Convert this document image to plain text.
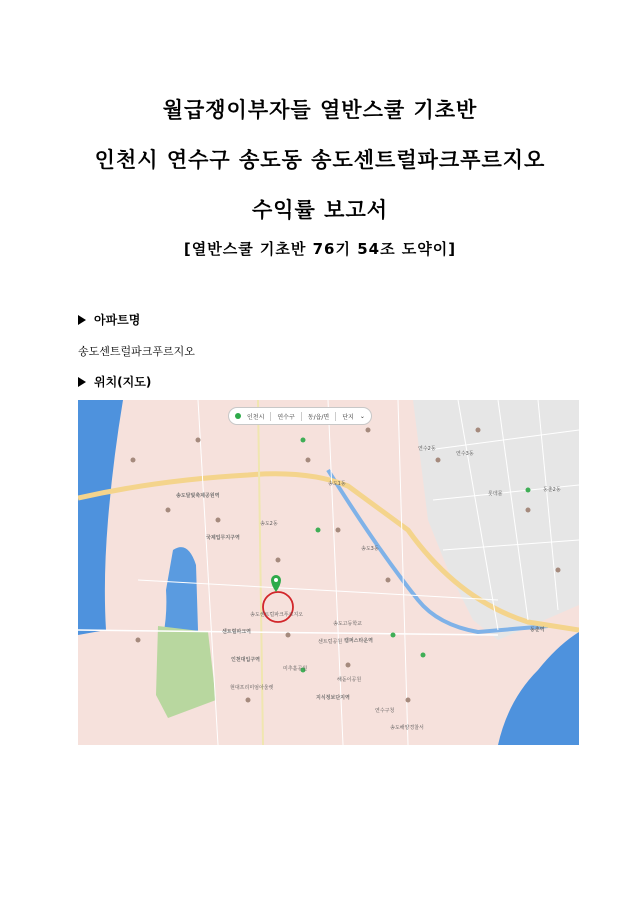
월급쟁이부자들 열반스쿨 기초반
인천시 연수구 송도동 송도센트럴파크푸르지오
수익률 보고서
[열반스쿨 기초반 76기 54조 도약이]
아파트명
송도센트럴파크푸르지오
위치(지도)
인천시 연수구 동/읍/면 단지 ⌄
송도달빛축제공원역
국제업무지구역
센트럴파크역
인천대입구역
송도1동
송도2동
송도3동
센트럴공원
해돋이공원
미추홀공원
연수구청
송도해양경찰서
캠퍼스타운역
송도고등학교
연수2동
연수3동
동춘2동
롯데몰
송도센트럴파크푸르지오
동춘역
지식정보단지역
현대프리미엄아울렛
